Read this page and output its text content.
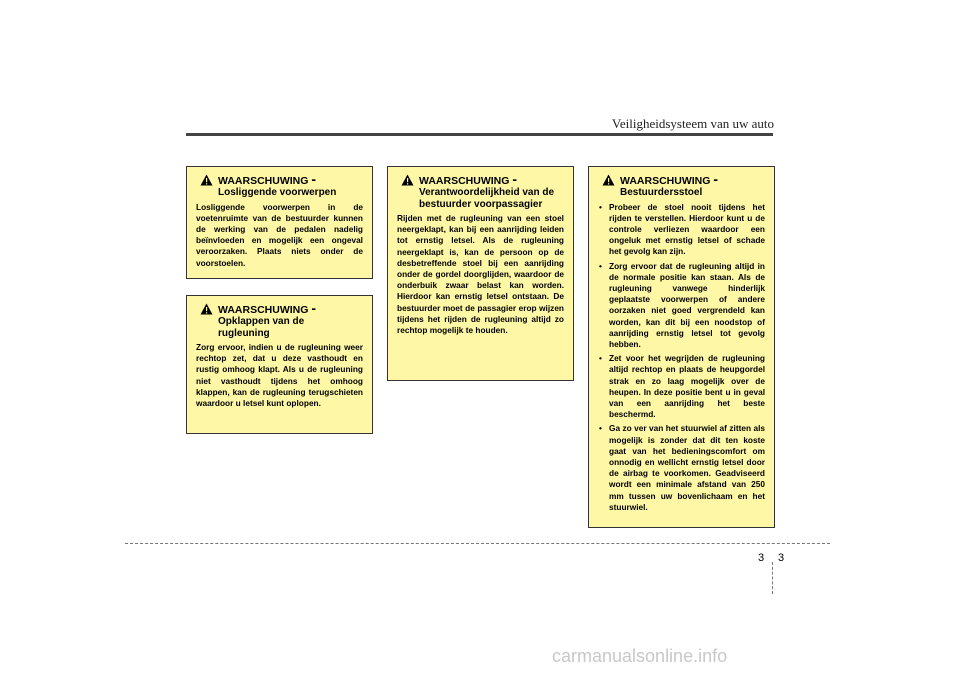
Veiligheidsysteem van uw auto
WAARSCHUWING -
Losliggende voorwerpen
Losliggende voorwerpen in de voetenruimte van de bestuurder kunnen de werking van de pedalen nadelig beïnvloeden en mogelijk een ongeval veroorzaken. Plaats niets onder de voorstoelen.
WAARSCHUWING -
Opklappen van de rugleuning
Zorg ervoor, indien u de rugleuning weer rechtop zet, dat u deze vasthoudt en rustig omhoog klapt. Als u de rugleuning niet vasthoudt tijdens het omhoog klappen, kan de rugleuning terugschieten waardoor u letsel kunt oplopen.
WAARSCHUWING -
Verantwoordelijkheid van de bestuurder voorpassagier
Rijden met de rugleuning van een stoel neergeklapt, kan bij een aanrijding leiden tot ernstig letsel. Als de rugleuning neergeklapt is, kan de persoon op de desbetreffende stoel bij een aanrijding onder de gordel doorglijden, waardoor de onderbuik zwaar belast kan worden. Hierdoor kan ernstig letsel ontstaan. De bestuurder moet de passagier erop wijzen tijdens het rijden de rugleuning altijd zo rechtop mogelijk te houden.
WAARSCHUWING -
Bestuurdersstoel
• Probeer de stoel nooit tijdens het rijden te verstellen. Hierdoor kunt u de controle verliezen waardoor een ongeluk met ernstig letsel of schade het gevolg kan zijn.
• Zorg ervoor dat de rugleuning altijd in de normale positie kan staan. Als de rugleuning vanwege hinderlijk geplaatste voorwerpen of andere oorzaken niet goed vergrendeld kan worden, kan dit bij een noodstop of aanrijding ernstig letsel tot gevolg hebben.
• Zet voor het wegrijden de rugleuning altijd rechtop en plaats de heupgordel strak en zo laag mogelijk over de heupen. In deze positie bent u in geval van een aanrijding het beste beschermd.
• Ga zo ver van het stuurwiel af zitten als mogelijk is zonder dat dit ten koste gaat van het bedieningscomfort om onnodig en wellicht ernstig letsel door de airbag te voorkomen. Geadviseerd wordt een minimale afstand van 250 mm tussen uw bovenlichaam en het stuurwiel.
3 3
carmanualsonline.info
